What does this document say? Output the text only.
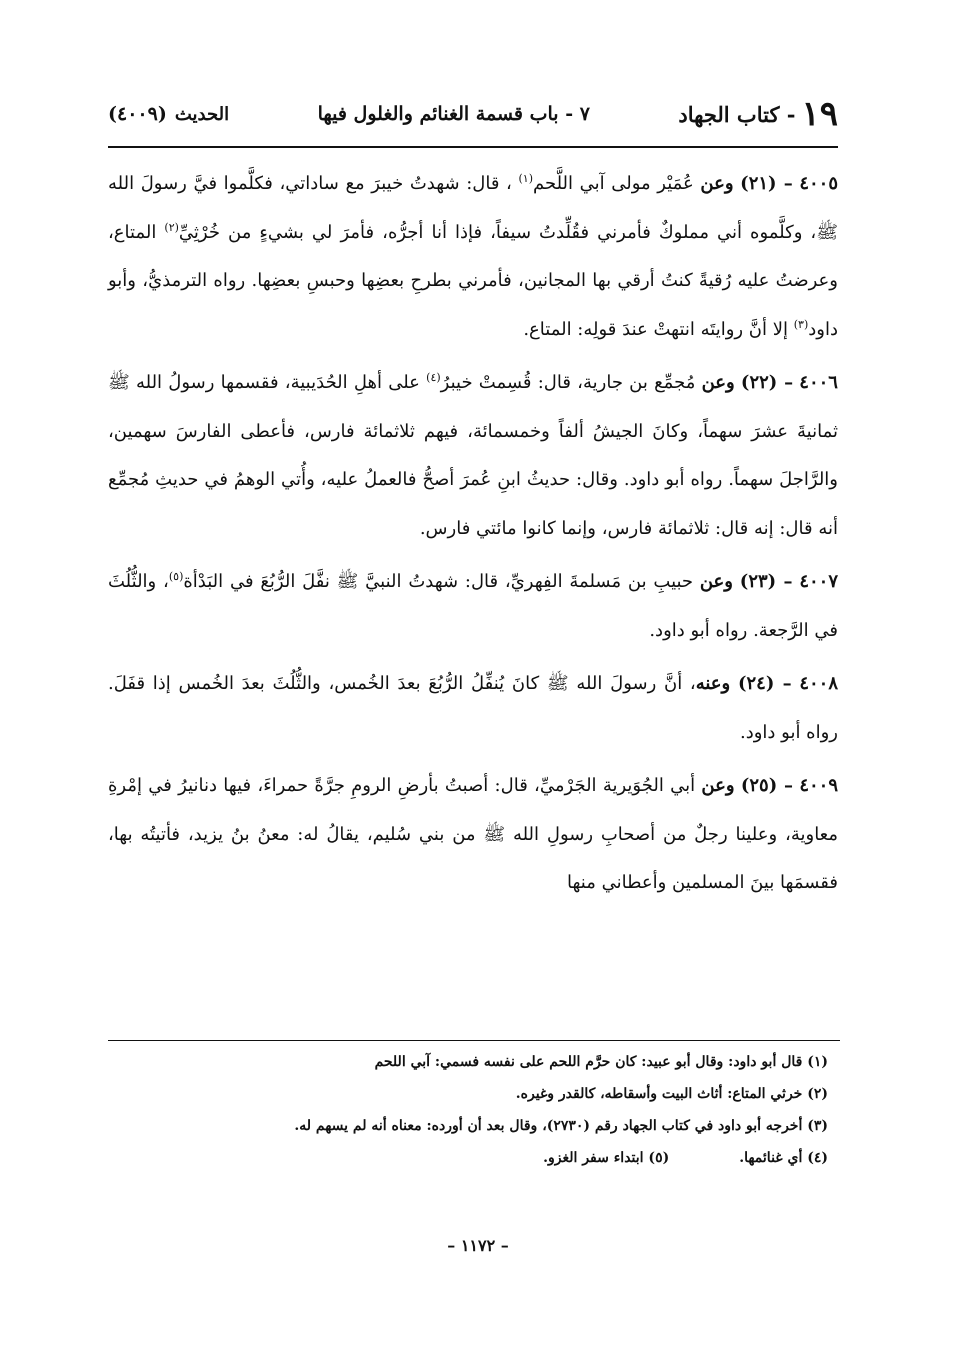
١٩
- كتاب الجهاد
٧ - باب قسمة الغنائم والغلول فيها
الحديث
(٤٠٠٩)

٤٠٠٥ – (٢١) وعن عُمَيْر مولى آبي اللَّحم$^{(١)}$ ، قال: شهدتُ خيبرَ مع ساداتي، فكلَّموا فيَّ رسولَ الله ﷺ، وكلَّموه أني مملوكٌ فأمرني فقُلِّدتُ سيفاً، فإذا أنا أجرُّه، فأمرَ لي بشيءٍ من خُرْثِيِّ$^{(٢)}$ المتاع، وعرضتُ عليه رُقيةً كنتُ أرقي بها المجانين، فأمرني بطرحِ بعضِها وحبسِ بعضِها. رواه الترمذيُّ، وأبو داود$^{(٣)}$ إلا أنَّ روايتَه انتهتْ عندَ قولِه: المتاع.

٤٠٠٦ – (٢٢) وعن مُجمِّع بن جارية، قال: قُسِمتْ خيبرُ$^{(٤)}$ على أهلِ الحُدَيبية، فقسمها رسولُ الله ﷺ ثمانيةَ عشرَ سهماً، وكانَ الجيشُ ألفاً وخمسمائة، فيهم ثلاثمائة فارس، فأعطى الفارسَ سهمين، والرَّاجلَ سهماً. رواه أبو داود. وقال: حديثُ ابنِ عُمرَ أصحُّ فالعملُ عليه، وأُتي الوهمُ في حديثِ مُجمِّع أنه قال: إنه قال: ثلاثمائة فارس، وإنما كانوا مائتي فارس.

٤٠٠٧ – (٢٣) وعن حبيبِ بن مَسلمةَ الفِهريِّ، قال: شهدتُ النبيَّ ﷺ نفَّلَ الرُّبُعَ في البَدْأة$^{(٥)}$، والثُّلُثَ في الرَّجعة. رواه أبو داود.

٤٠٠٨ – (٢٤) وعنه، أنَّ رسولَ الله ﷺ كانَ يُنفِّلُ الرُّبُعَ بعدَ الخُمس، والثُّلُثَ بعدَ الخُمس إذا قفَلَ. رواه أبو داود.

٤٠٠٩ – (٢٥) وعن أبي الجُوَيرية الجَرْميِّ، قال: أصبتُ بأرضِ الرومِ جرَّةً حمراءَ، فيها دنانيرُ في إمْرةِ معاوية، وعلينا رجلٌ من أصحابِ رسولِ الله ﷺ من بني سُليم، يقالُ له: معنُ بنُ يزيد، فأتيتُه بها، فقسمَها بينَ المسلمين وأعطاني منها

(١) قال أبو داود: وقال أبو عبيد: كان حرَّم اللحم على نفسه فسمي: آبي اللحم

(٢) خرثي المتاع: أثاث البيت وأسقاطه، كالقدر وغيره.

(٣) أخرجه أبو داود في كتاب الجهاد رقم (٢٧٣٠)، وقال بعد أن أورده: معناه أنه لم يسهم له.

(٤) أي غنائمها.

(٥) ابتداء سفر الغزو.

– ١١٧٢ –
